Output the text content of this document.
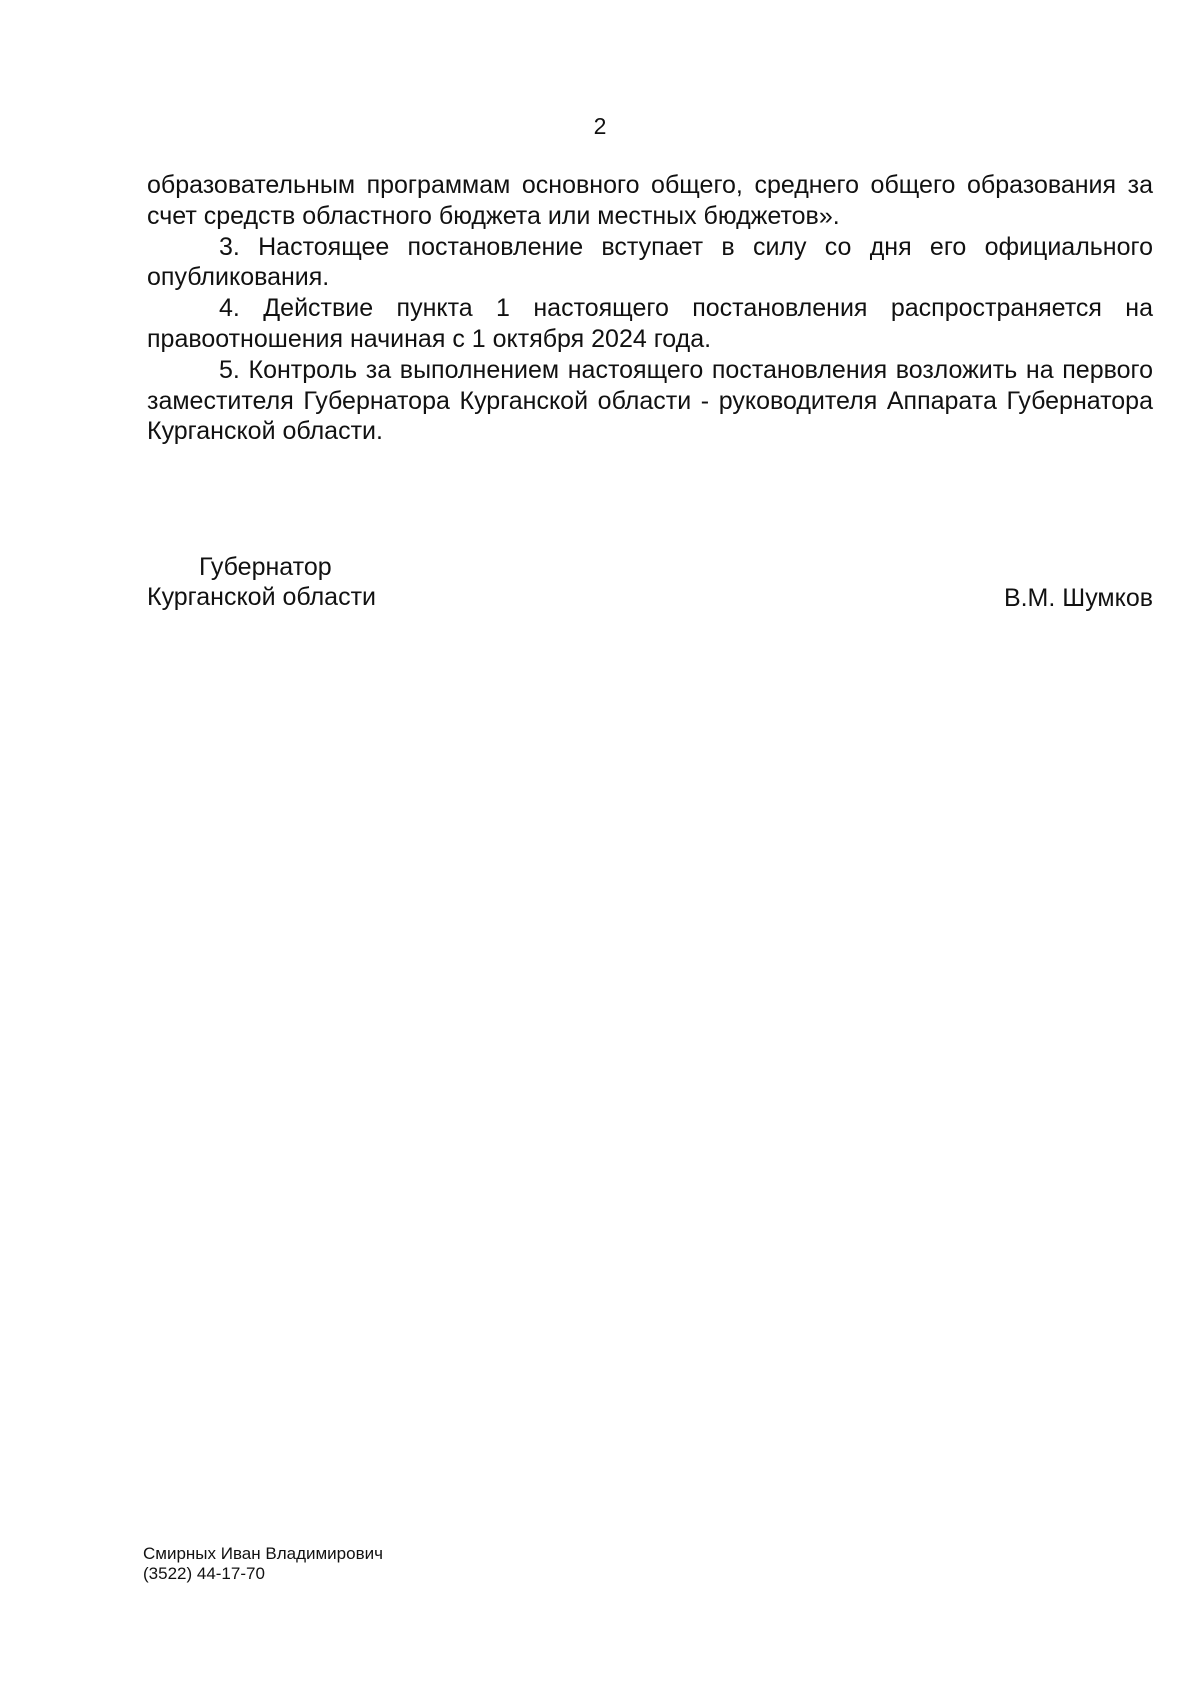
2

образовательным программам основного общего, среднего общего образования за счет средств областного бюджета или местных бюджетов».

3. Настоящее постановление вступает в силу со дня его официального опубликования.

4. Действие пункта 1 настоящего постановления распространяется на правоотношения начиная с 1 октября 2024 года.

5. Контроль за выполнением настоящего постановления возложить на первого заместителя Губернатора Курганской области - руководителя Аппарата Губернатора Курганской области.

Губернатор
Курганской области	В.М. Шумков
Смирных Иван Владимирович
(3522) 44-17-70
